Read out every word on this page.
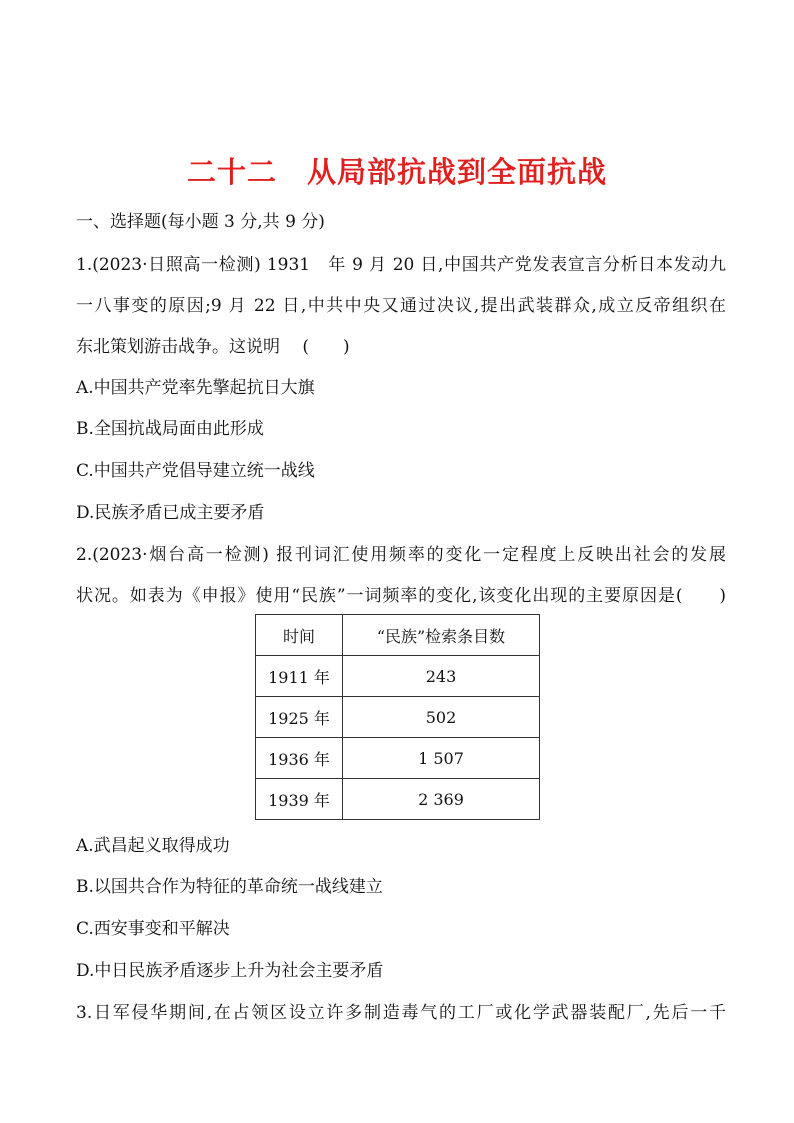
二十二　从局部抗战到全面抗战
一、选择题(每小题 3 分,共 9 分)
1.(2023·日照高一检测) 1931　年 9 月 20 日,中国共产党发表宣言分析日本发动九
一八事变的原因;9 月 22 日,中共中央又通过决议,提出武装群众,成立反帝组织在
东北策划游击战争。这说明　 (　　)
A.中国共产党率先擎起抗日大旗
B.全国抗战局面由此形成
C.中国共产党倡导建立统一战线
D.民族矛盾已成主要矛盾
2.(2023·烟台高一检测) 报刊词汇使用频率的变化一定程度上反映出社会的发展
状况。如表为《申报》使用“民族”一词频率的变化,该变化出现的主要原因是(　　)
时间	“民族”检索条目数
1911 年	243
1925 年	502
1936 年	1 507
1939 年	2 369
A.武昌起义取得成功
B.以国共合作为特征的革命统一战线建立
C.西安事变和平解决
D.中日民族矛盾逐步上升为社会主要矛盾
3.日军侵华期间,在占领区设立许多制造毒气的工厂或化学武器装配厂,先后一千
